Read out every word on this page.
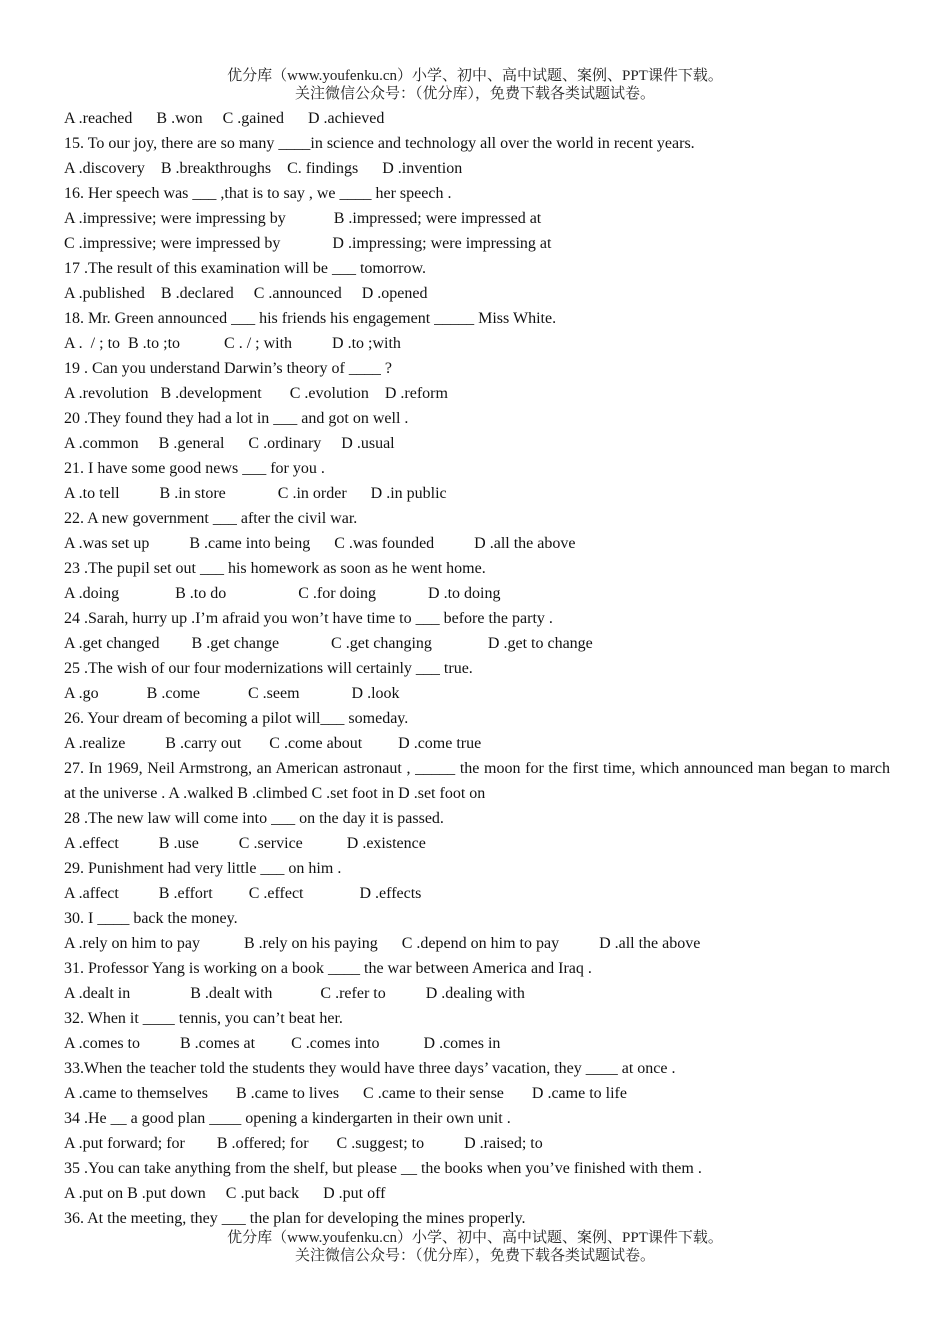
优分库（www.youfenku.cn）小学、初中、高中试题、案例、PPT课件下载。
关注微信公众号：（优分库），免费下载各类试题试卷。
A .reached      B .won     C .gained      D .achieved
15. To our joy, there are so many ____in science and technology all over the world in recent years.
A .discovery    B .breakthroughs    C. findings      D .invention
16. Her speech was ___ ,that is to say , we ____ her speech .
A .impressive; were impressing by            B .impressed; were impressed at
C .impressive; were impressed by             D .impressing; were impressing at
17 .The result of this examination will be ___ tomorrow.
A .published    B .declared     C .announced     D .opened
18. Mr. Green announced ___ his friends his engagement _____ Miss White.
A .  / ; to  B .to ;to           C . / ; with          D .to ;with
19 . Can you understand Darwin’s theory of ____ ?
A .revolution   B .development       C .evolution    D .reform
20 .They found they had a lot in ___ and got on well .
A .common     B .general      C .ordinary     D .usual
21. I have some good news ___ for you .
A .to tell          B .in store             C .in order      D .in public
22. A new government ___ after the civil war.
A .was set up          B .came into being      C .was founded          D .all the above
23 .The pupil set out ___ his homework as soon as he went home.
A .doing              B .to do                  C .for doing             D .to doing
24 .Sarah, hurry up .I’m afraid you won’t have time to ___ before the party .
A .get changed        B .get change             C .get changing              D .get to change
25 .The wish of our four modernizations will certainly ___ true.
A .go            B .come            C .seem             D .look
26. Your dream of becoming a pilot will___ someday.
A .realize          B .carry out       C .come about         D .come true
27. In 1969, Neil Armstrong, an American astronaut , _____ the moon for the first time, which announced man began to march at the universe . A .walked B .climbed C .set foot in D .set foot on
28 .The new law will come into ___ on the day it is passed.
A .effect          B .use          C .service           D .existence
29. Punishment had very little ___ on him .
A .affect          B .effort         C .effect              D .effects
30. I ____ back the money.
A .rely on him to pay           B .rely on his paying      C .depend on him to pay          D .all the above
31. Professor Yang is working on a book ____ the war between America and Iraq .
A .dealt in               B .dealt with            C .refer to          D .dealing with
32. When it ____ tennis, you can’t beat her.
A .comes to          B .comes at         C .comes into           D .comes in
33.When the teacher told the students they would have three days’ vacation, they ____ at once .
A .came to themselves       B .came to lives      C .came to their sense       D .came to life
34 .He __ a good plan ____ opening a kindergarten in their own unit .
A .put forward; for        B .offered; for       C .suggest; to          D .raised; to
35 .You can take anything from the shelf, but please __ the books when you’ve finished with them .
A .put on B .put down     C .put back      D .put off
36. At the meeting, they ___ the plan for developing the mines properly.
优分库（www.youfenku.cn）小学、初中、高中试题、案例、PPT课件下载。
关注微信公众号：（优分库），免费下载各类试题试卷。
